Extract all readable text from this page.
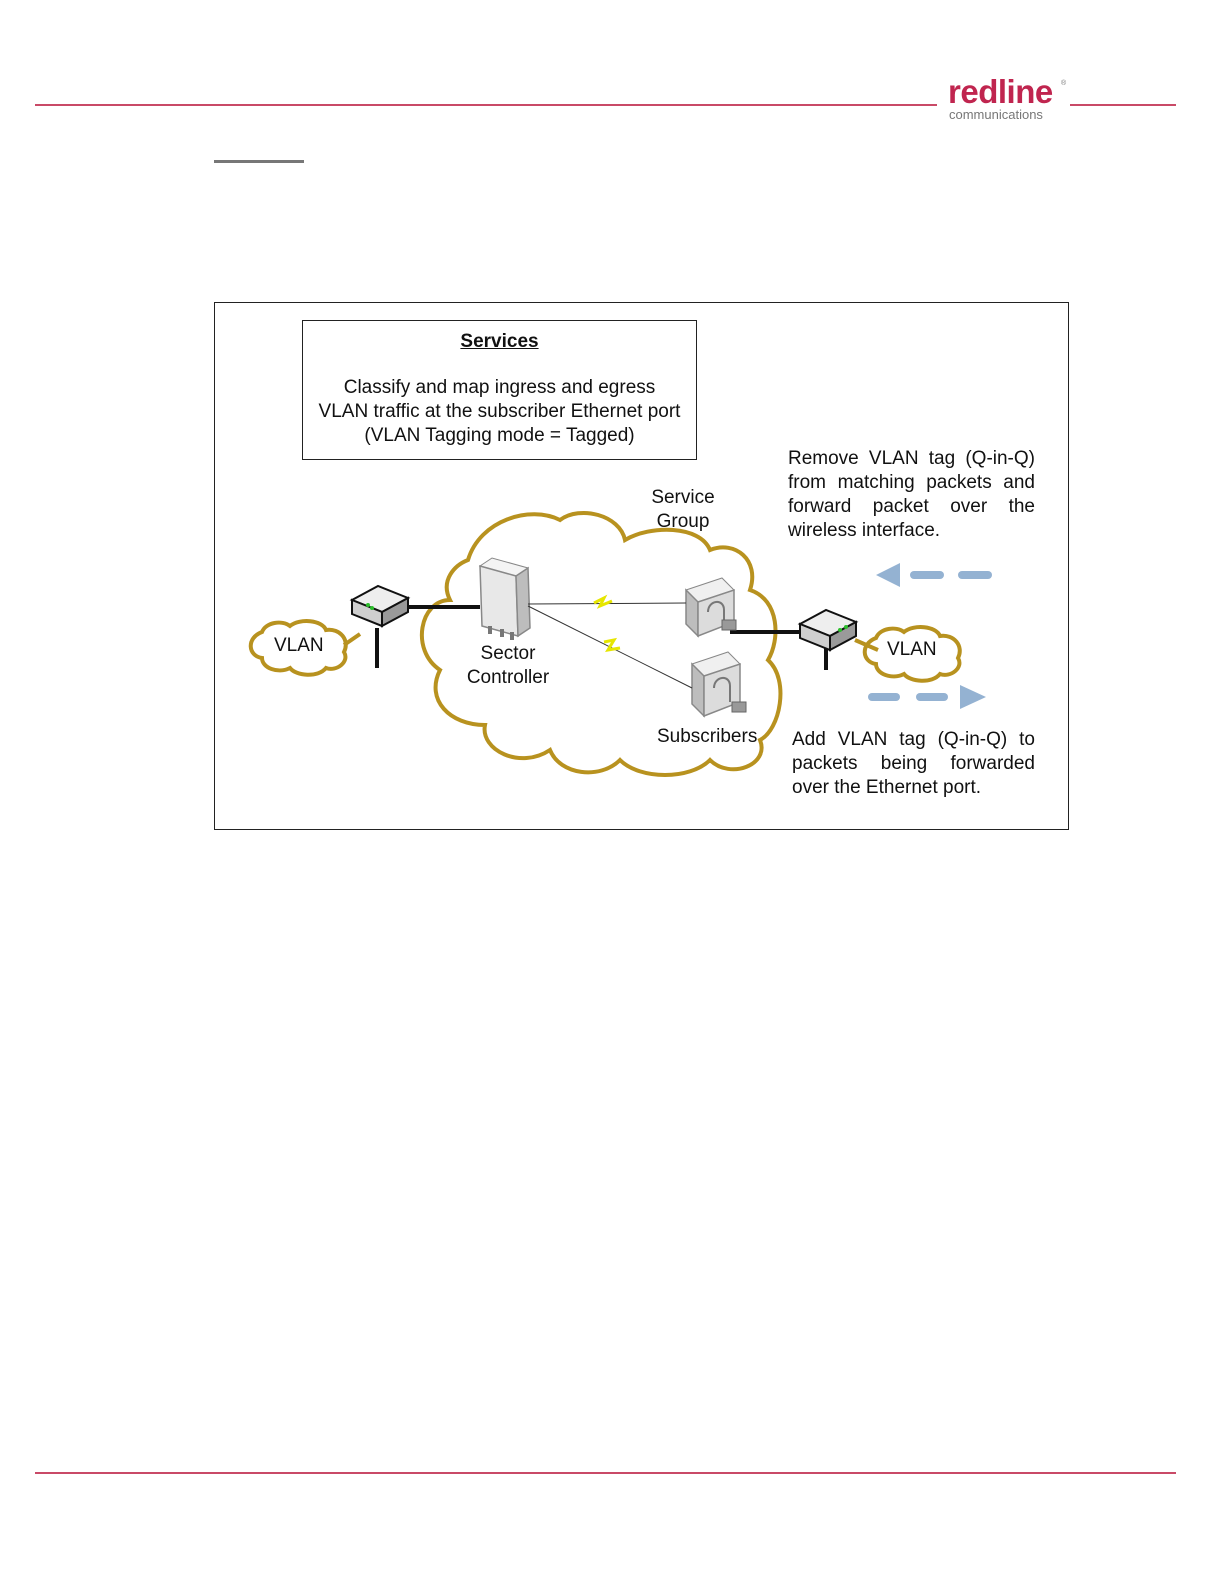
redline ®
communications
Services
Classify and map ingress and egress
VLAN traffic at the subscriber Ethernet port
(VLAN Tagging mode = Tagged)
Service
Group
Sector
Controller
Subscribers
VLAN	VLAN
Remove VLAN tag (Q-in-Q)
from matching packets and
forward packet over the
wireless interface.
Add VLAN tag (Q-in-Q) to
packets being forwarded
over the Ethernet port.
